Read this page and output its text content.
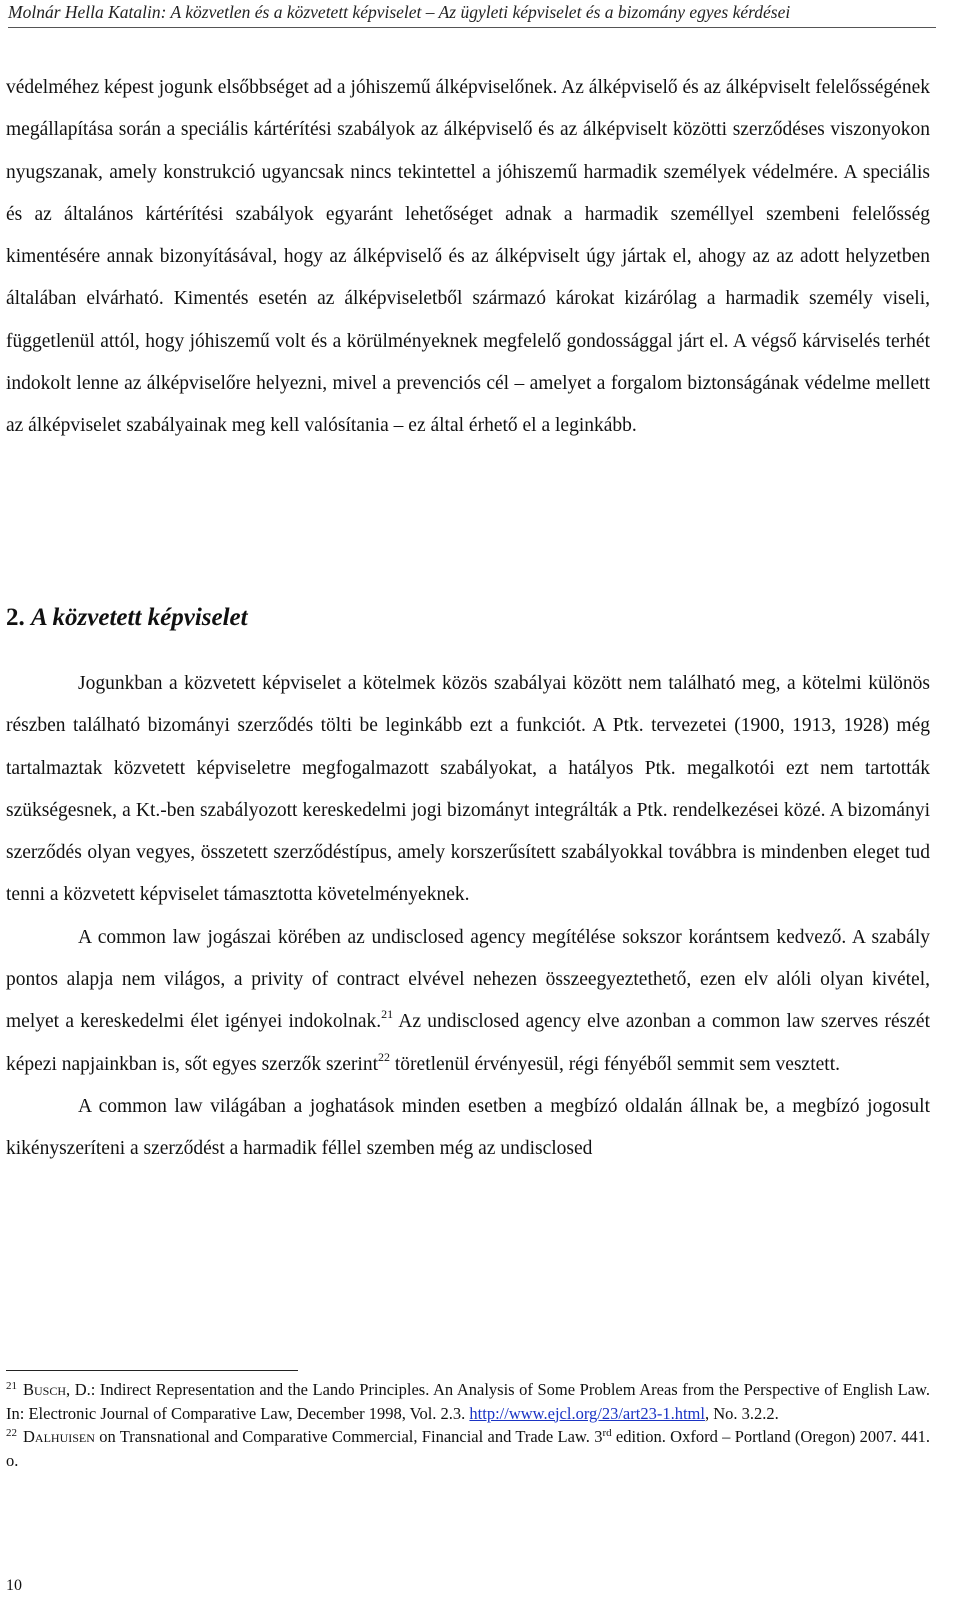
Molnár Hella Katalin: A közvetlen és a közvetett képviselet – Az ügyleti képviselet és a bizomány egyes kérdései

védelméhez képest jogunk elsőbbséget ad a jóhiszemű álképviselőnek. Az álképviselő és az álképviselt felelősségének megállapítása során a speciális kártérítési szabályok az álképviselő és az álképviselt közötti szerződéses viszonyokon nyugszanak, amely konstrukció ugyancsak nincs tekintettel a jóhiszemű harmadik személyek védelmére. A speciális és az általános kártérítési szabályok egyaránt lehetőséget adnak a harmadik személlyel szembeni felelősség kimentésére annak bizonyításával, hogy az álképviselő és az álképviselt úgy jártak el, ahogy az az adott helyzetben általában elvárható. Kimentés esetén az álképviseletből származó károkat kizárólag a harmadik személy viseli, függetlenül attól, hogy jóhiszemű volt és a körülményeknek megfelelő gondossággal járt el. A végső kárviselés terhét indokolt lenne az álképviselőre helyezni, mivel a prevenciós cél – amelyet a forgalom biztonságának védelme mellett az álképviselet szabályainak meg kell valósítania – ez által érhető el a leginkább.

2. A közvetett képviselet

Jogunkban a közvetett képviselet a kötelmek közös szabályai között nem található meg, a kötelmi különös részben található bizományi szerződés tölti be leginkább ezt a funkciót. A Ptk. tervezetei (1900, 1913, 1928) még tartalmaztak közvetett képviseletre megfogalmazott szabályokat, a hatályos Ptk. megalkotói ezt nem tartották szükségesnek, a Kt.-ben szabályozott kereskedelmi jogi bizományt integrálták a Ptk. rendelkezései közé. A bizományi szerződés olyan vegyes, összetett szerződéstípus, amely korszerűsített szabályokkal továbbra is mindenben eleget tud tenni a közvetett képviselet támasztotta követelményeknek.

A common law jogászai körében az undisclosed agency megítélése sokszor korántsem kedvező. A szabály pontos alapja nem világos, a privity of contract elvével nehezen összeegyeztethető, ezen elv alóli olyan kivétel, melyet a kereskedelmi élet igényei indokolnak.$^{21}$ Az undisclosed agency elve azonban a common law szerves részét képezi napjainkban is, sőt egyes szerzők szerint$^{22}$ töretlenül érvényesül, régi fényéből semmit sem vesztett.

A common law világában a joghatások minden esetben a megbízó oldalán állnak be, a megbízó jogosult kikényszeríteni a szerződést a harmadik féllel szemben még az undisclosed

$^{21}$ Busch, D.: Indirect Representation and the Lando Principles. An Analysis of Some Problem Areas from the Perspective of English Law. In: Electronic Journal of Comparative Law, December 1998, Vol. 2.3. http://www.ejcl.org/23/art23-1.html, No. 3.2.2.

$^{22}$ Dalhuisen on Transnational and Comparative Commercial, Financial and Trade Law. 3rd edition. Oxford – Portland (Oregon) 2007. 441. o.

10
